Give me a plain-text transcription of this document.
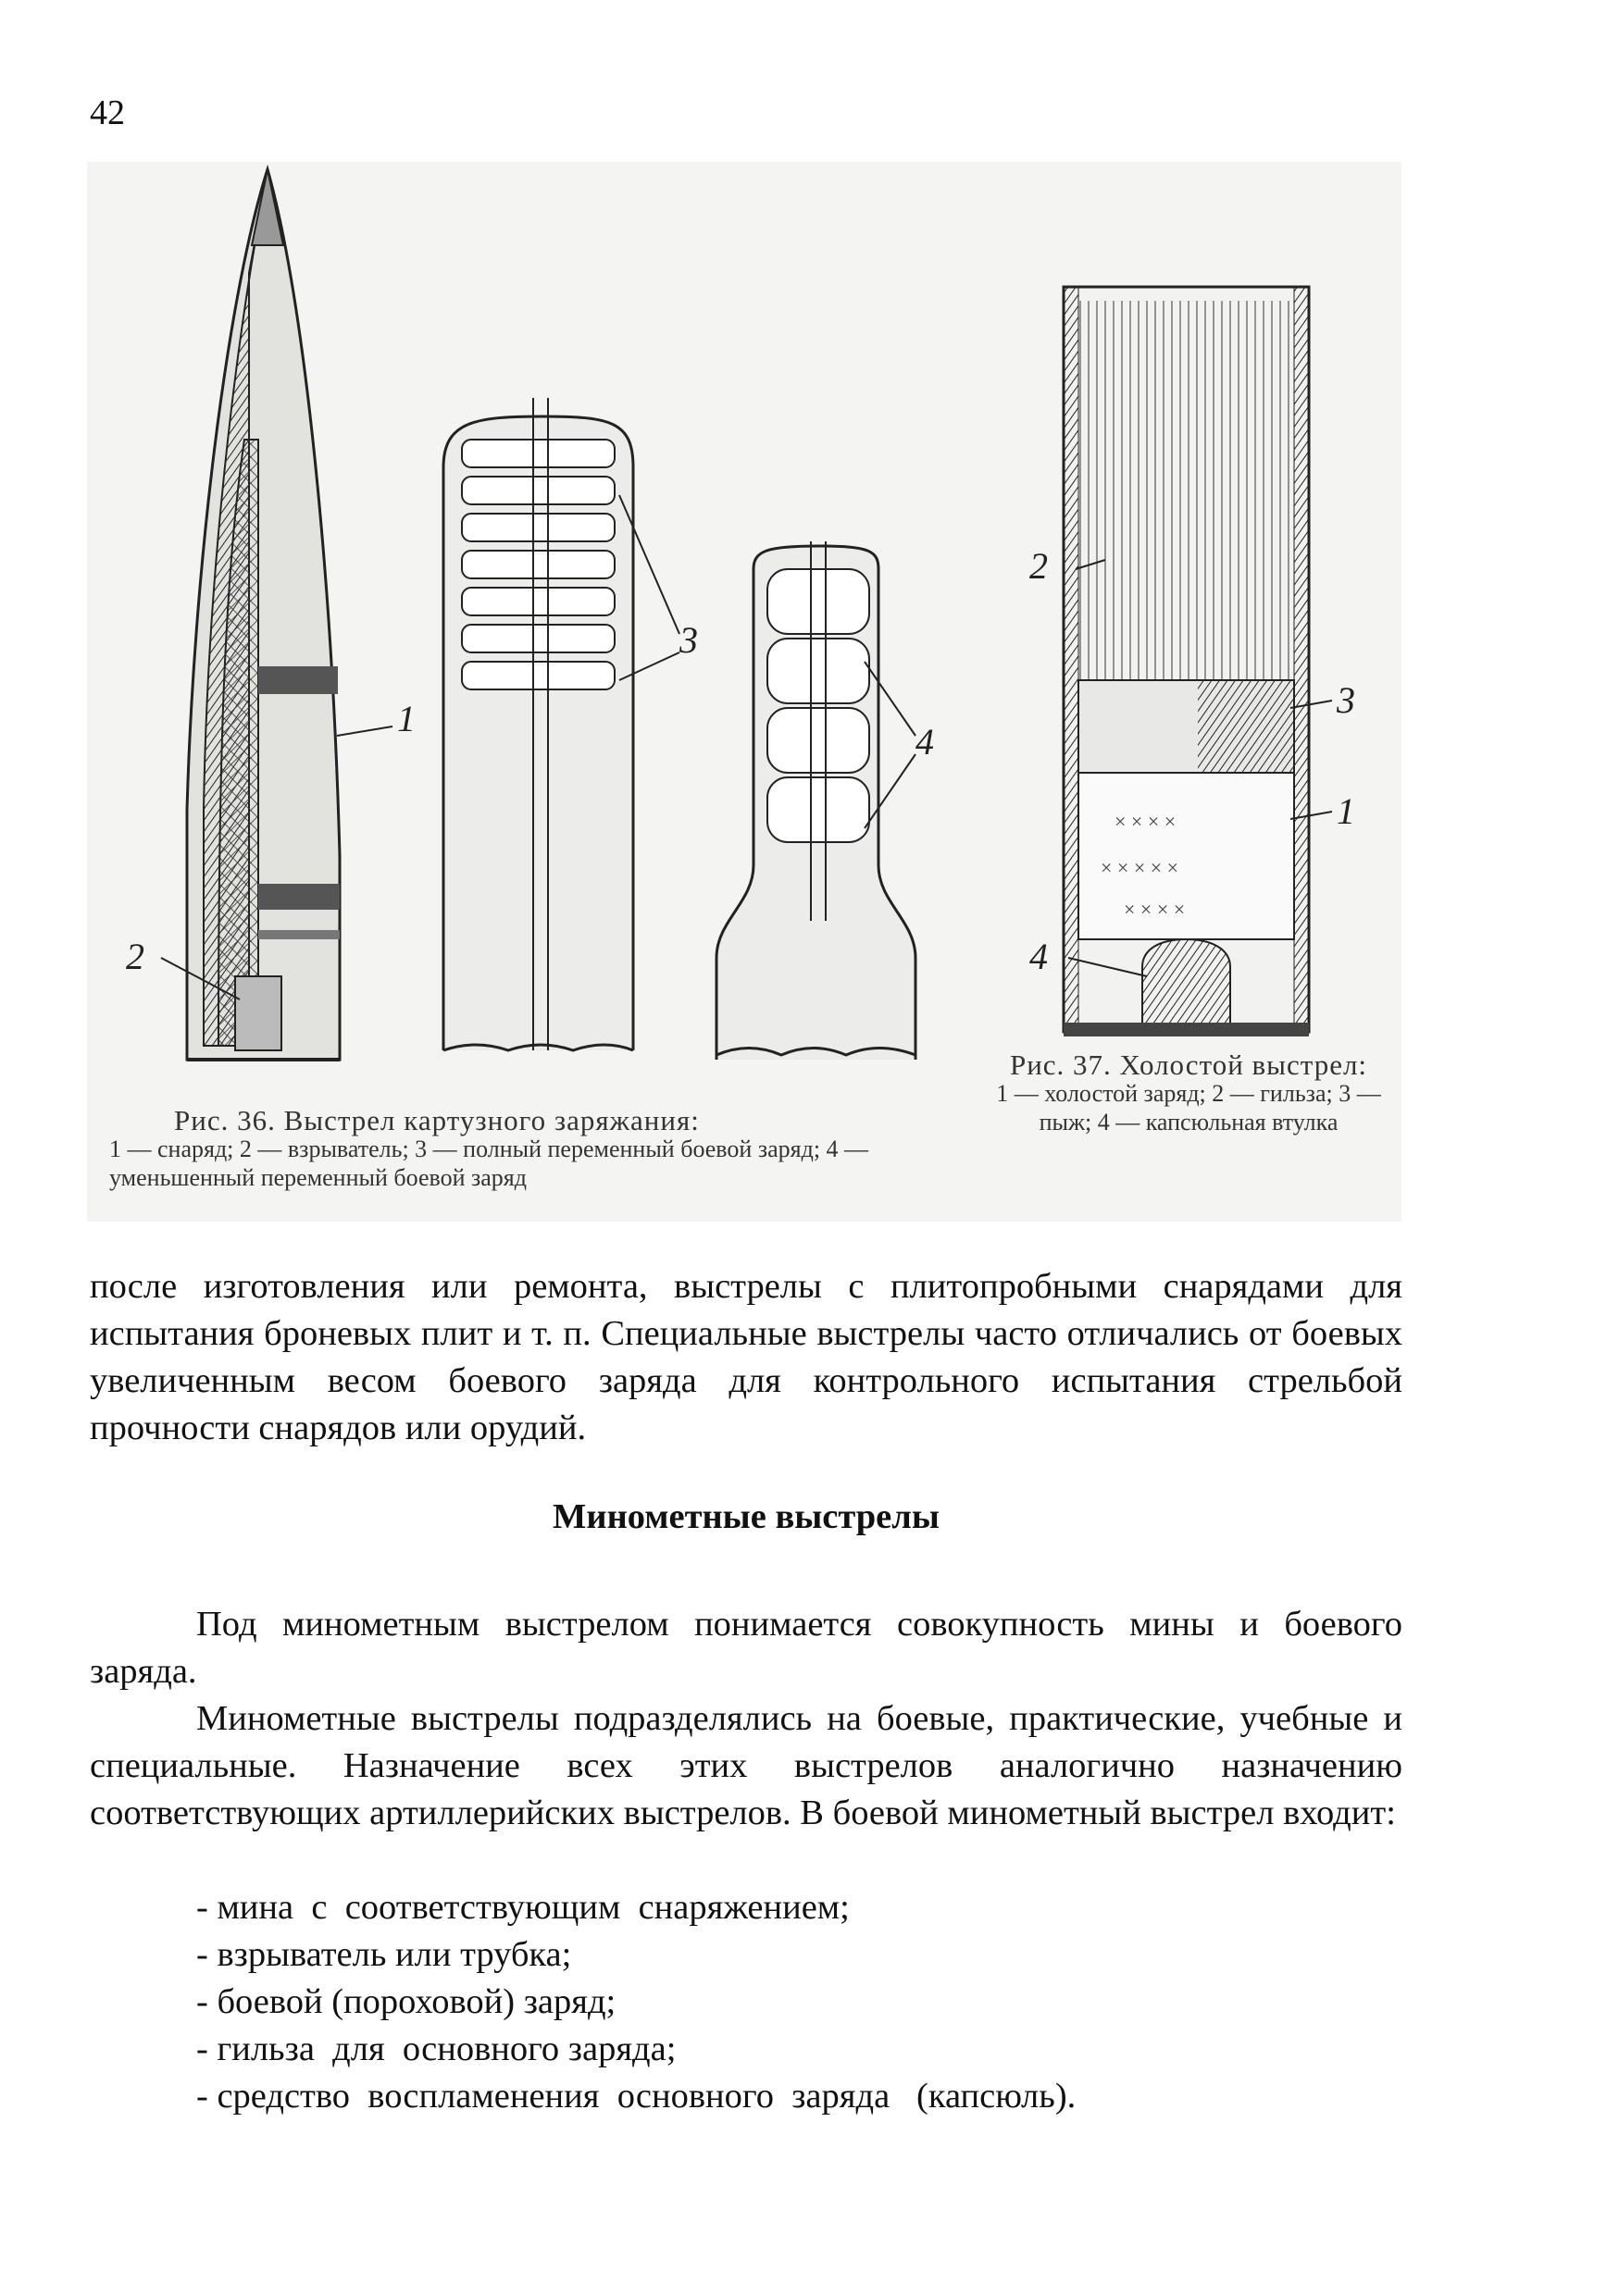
42
1
2
3
4
× × × ×
× × × × ×
× × × ×
2
3
1
4
Рис. 36. Выстрел картузного заряжания:
1 — снаряд; 2 — взрыватель; 3 — полный переменный боевой заряд; 4 — уменьшенный переменный боевой заряд
Рис. 37. Холостой выстрел:
1 — холостой заряд; 2 — гильза; 3 — пыж; 4 — капсюльная втулка

после изготовления или ремонта, выстрелы с плитопробными снарядами для испытания броневых плит и т. п. Специальные выстрелы часто отличались от боевых увеличенным весом боевого заряда для контрольного испытания стрельбой прочности снарядов или орудий.

Минометные выстрелы

Под минометным выстрелом понимается совокупность мины и боевого заряда.

Минометные выстрелы подразделялись на боевые, практические, учебные и специальные. Назначение всех этих выстрелов аналогично назначению соответствующих артиллерийских выстрелов. В боевой минометный выстрел входит:

- мина  с  соответствующим  снаряжением;
- взрыватель или трубка;
- боевой (пороховой) заряд;
- гильза  для  основного заряда;
- средство  воспламенения  основного  заряда   (капсюль).
